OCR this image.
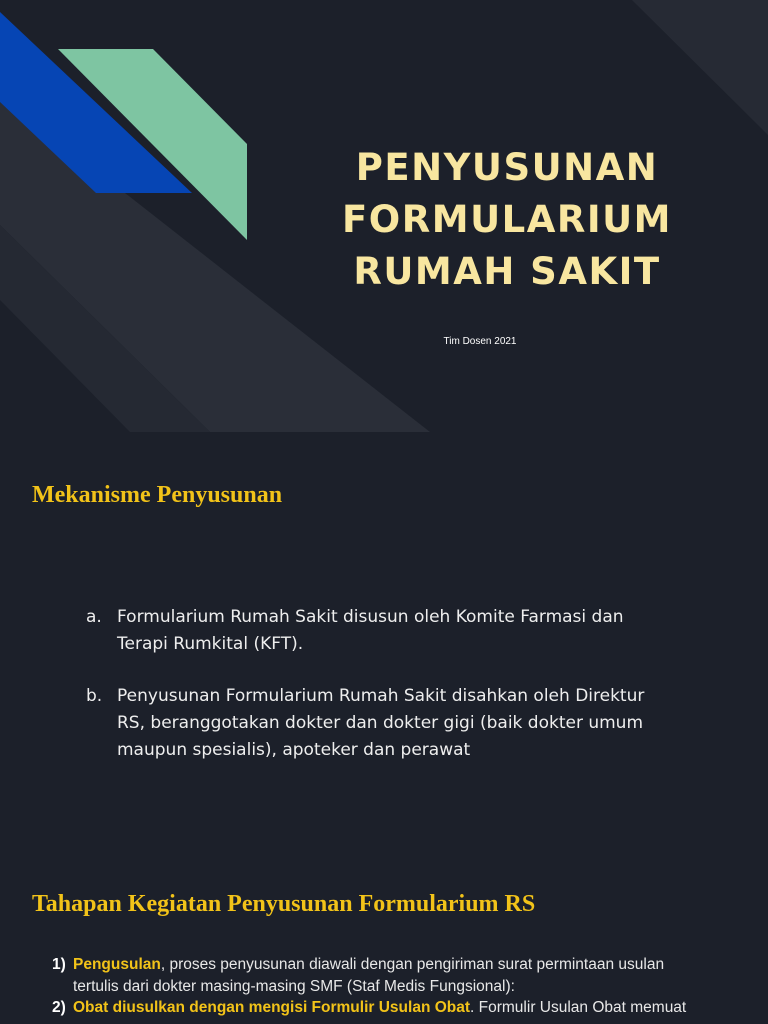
PENYUSUNAN
FORMULARIUM
RUMAH SAKIT

Tim Dosen 2021

Mekanisme Penyusunan
a. Formularium Rumah Sakit disusun oleh Komite Farmasi dan Terapi Rumkital (KFT).
b. Penyusunan Formularium Rumah Sakit disahkan oleh Direktur RS, beranggotakan dokter dan dokter gigi (baik dokter umum maupun spesialis), apoteker dan perawat
Tahapan Kegiatan Penyusunan Formularium RS
1) Pengusulan, proses penyusunan diawali dengan pengiriman surat permintaan usulan tertulis dari dokter masing-masing SMF (Staf Medis Fungsional):
2) Obat diusulkan dengan mengisi Formulir Usulan Obat. Formulir Usulan Obat memuat
